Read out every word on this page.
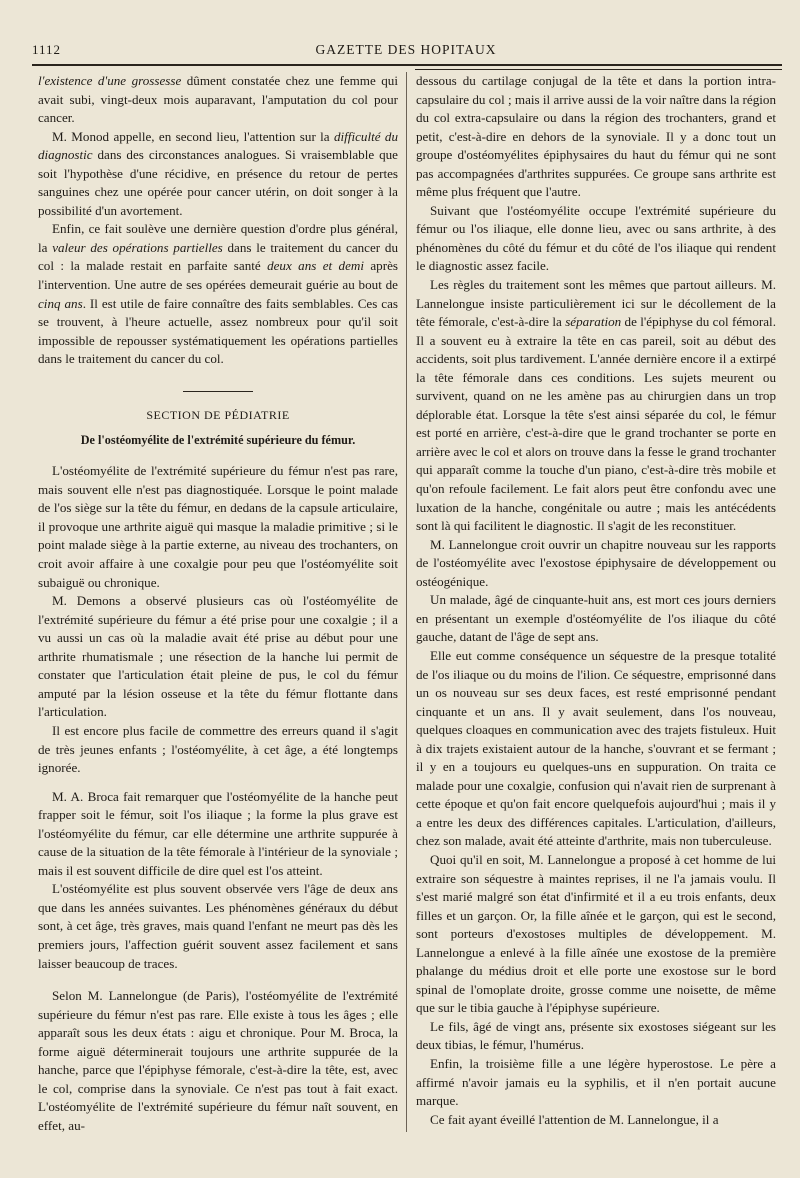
1112	GAZETTE DES HOPITAUX

l'existence d'une grossesse dûment constatée chez une femme qui avait subi, vingt-deux mois auparavant, l'amputation du col pour cancer.

M. Monod appelle, en second lieu, l'attention sur la difficulté du diagnostic dans des circonstances analogues. Si vraisemblable que soit l'hypothèse d'une récidive, en présence du retour de pertes sanguines chez une opérée pour cancer utérin, on doit songer à la possibilité d'un avortement.

Enfin, ce fait soulève une dernière question d'ordre plus général, la valeur des opérations partielles dans le traitement du cancer du col : la malade restait en parfaite santé deux ans et demi après l'intervention. Une autre de ses opérées demeurait guérie au bout de cinq ans. Il est utile de faire connaître des faits semblables. Ces cas se trouvent, à l'heure actuelle, assez nombreux pour qu'il soit impossible de repousser systématiquement les opérations partielles dans le traitement du cancer du col.

SECTION DE PÉDIATRIE
De l'ostéomyélite de l'extrémité supérieure du fémur.

L'ostéomyélite de l'extrémité supérieure du fémur n'est pas rare, mais souvent elle n'est pas diagnostiquée. Lorsque le point malade de l'os siège sur la tête du fémur, en dedans de la capsule articulaire, il provoque une arthrite aiguë qui masque la maladie primitive ; si le point malade siège à la partie externe, au niveau des trochanters, on croit avoir affaire à une coxalgie pour peu que l'ostéomyélite soit subaiguë ou chronique.

M. Demons a observé plusieurs cas où l'ostéomyélite de l'extrémité supérieure du fémur a été prise pour une coxalgie ; il a vu aussi un cas où la maladie avait été prise au début pour une arthrite rhumatismale ; une résection de la hanche lui permit de constater que l'articulation était pleine de pus, le col du fémur amputé par la lésion osseuse et la tête du fémur flottante dans l'articulation.

Il est encore plus facile de commettre des erreurs quand il s'agit de très jeunes enfants ; l'ostéomyélite, à cet âge, a été longtemps ignorée.

M. A. Broca fait remarquer que l'ostéomyélite de la hanche peut frapper soit le fémur, soit l'os iliaque ; la forme la plus grave est l'ostéomyélite du fémur, car elle détermine une arthrite suppurée à cause de la situation de la tête fémorale à l'intérieur de la synoviale ; mais il est souvent difficile de dire quel est l'os atteint.

L'ostéomyélite est plus souvent observée vers l'âge de deux ans que dans les années suivantes. Les phénomènes généraux du début sont, à cet âge, très graves, mais quand l'enfant ne meurt pas dès les premiers jours, l'affection guérit souvent assez facilement et sans laisser beaucoup de traces.

Selon M. Lannelongue (de Paris), l'ostéomyélite de l'extrémité supérieure du fémur n'est pas rare. Elle existe à tous les âges ; elle apparaît sous les deux états : aigu et chronique. Pour M. Broca, la forme aiguë déterminerait toujours une arthrite suppurée de la hanche, parce que l'épiphyse fémorale, c'est-à-dire la tête, est, avec le col, comprise dans la synoviale. Ce n'est pas tout à fait exact. L'ostéomyélite de l'extrémité supérieure du fémur naît souvent, en effet, au-

dessous du cartilage conjugal de la tête et dans la portion intra-capsulaire du col ; mais il arrive aussi de la voir naître dans la région du col extra-capsulaire ou dans la région des trochanters, grand et petit, c'est-à-dire en dehors de la synoviale. Il y a donc tout un groupe d'ostéomyélites épiphysaires du haut du fémur qui ne sont pas accompagnées d'arthrites suppurées. Ce groupe sans arthrite est même plus fréquent que l'autre.

Suivant que l'ostéomyélite occupe l'extrémité supérieure du fémur ou l'os iliaque, elle donne lieu, avec ou sans arthrite, à des phénomènes du côté du fémur et du côté de l'os iliaque qui rendent le diagnostic assez facile.

Les règles du traitement sont les mêmes que partout ailleurs. M. Lannelongue insiste particulièrement ici sur le décollement de la tête fémorale, c'est-à-dire la séparation de l'épiphyse du col fémoral. Il a souvent eu à extraire la tête en cas pareil, soit au début des accidents, soit plus tardivement. L'année dernière encore il a extirpé la tête fémorale dans ces conditions. Les sujets meurent ou survivent, quand on ne les amène pas au chirurgien dans un trop déplorable état. Lorsque la tête s'est ainsi séparée du col, le fémur est porté en arrière, c'est-à-dire que le grand trochanter se porte en arrière avec le col et alors on trouve dans la fesse le grand trochanter qui apparaît comme la touche d'un piano, c'est-à-dire très mobile et qu'on refoule facilement. Le fait alors peut être confondu avec une luxation de la hanche, congénitale ou autre ; mais les antécédents sont là qui facilitent le diagnostic. Il s'agit de les reconstituer.

M. Lannelongue croit ouvrir un chapitre nouveau sur les rapports de l'ostéomyélite avec l'exostose épiphysaire de développement ou ostéogénique.

Un malade, âgé de cinquante-huit ans, est mort ces jours derniers en présentant un exemple d'ostéomyélite de l'os iliaque du côté gauche, datant de l'âge de sept ans.

Elle eut comme conséquence un séquestre de la presque totalité de l'os iliaque ou du moins de l'ilion. Ce séquestre, emprisonné dans un os nouveau sur ses deux faces, est resté emprisonné pendant cinquante et un ans. Il y avait seulement, dans l'os nouveau, quelques cloaques en communication avec des trajets fistuleux. Huit à dix trajets existaient autour de la hanche, s'ouvrant et se fermant ; il y en a toujours eu quelques-uns en suppuration. On traita ce malade pour une coxalgie, confusion qui n'avait rien de surprenant à cette époque et qu'on fait encore quelquefois aujourd'hui ; mais il y a entre les deux des différences capitales. L'articulation, d'ailleurs, chez son malade, avait été atteinte d'arthrite, mais non tuberculeuse.

Quoi qu'il en soit, M. Lannelongue a proposé à cet homme de lui extraire son séquestre à maintes reprises, il ne l'a jamais voulu. Il s'est marié malgré son état d'infirmité et il a eu trois enfants, deux filles et un garçon. Or, la fille aînée et le garçon, qui est le second, sont porteurs d'exostoses multiples de développement. M. Lannelongue a enlevé à la fille aînée une exostose de la première phalange du médius droit et elle porte une exostose sur le bord spinal de l'omoplate droite, grosse comme une noisette, de même que sur le tibia gauche à l'épiphyse supérieure.

Le fils, âgé de vingt ans, présente six exostoses siégeant sur les deux tibias, le fémur, l'humérus.

Enfin, la troisième fille a une légère hyperostose. Le père a affirmé n'avoir jamais eu la syphilis, et il n'en portait aucune marque.

Ce fait ayant éveillé l'attention de M. Lannelongue, il a
